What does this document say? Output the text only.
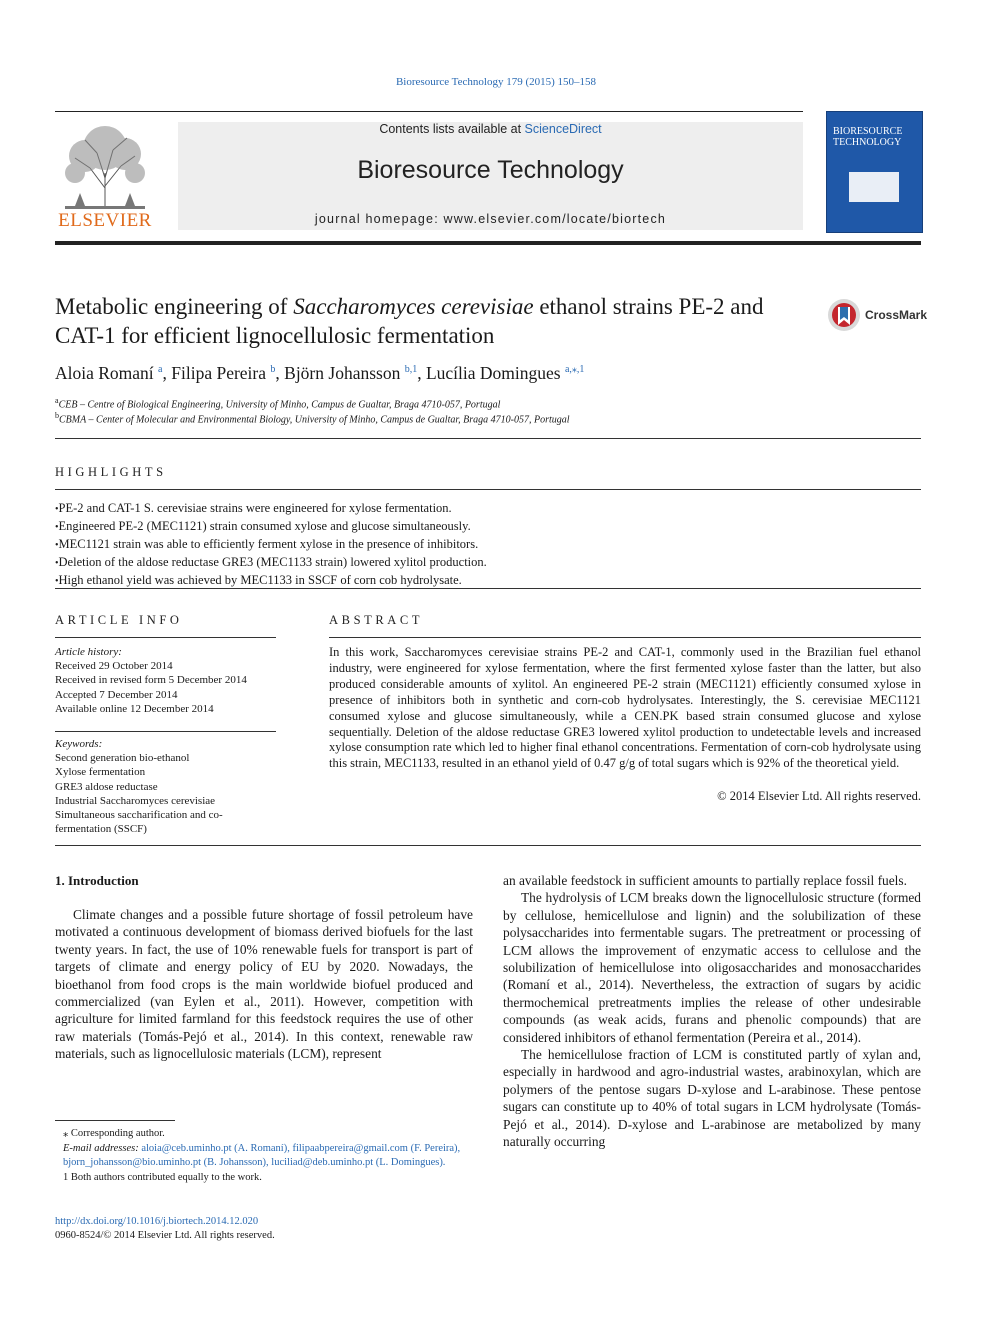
Bioresource Technology 179 (2015) 150–158
ELSEVIER
Contents lists available at ScienceDirect
Bioresource Technology
journal homepage: www.elsevier.com/locate/biortech
BIORESOURCE TECHNOLOGY
Metabolic engineering of Saccharomyces cerevisiae ethanol strains PE-2 and CAT-1 for efficient lignocellulosic fermentation
CrossMark
Aloia Romaní $^a$, Filipa Pereira $^b$, Björn Johansson $^{b,1}$, Lucília Domingues $^{a,⁎,1}$
$^a$CEB – Centre of Biological Engineering, University of Minho, Campus de Gualtar, Braga 4710-057, Portugal
$^b$CBMA – Center of Molecular and Environmental Biology, University of Minho, Campus de Gualtar, Braga 4710-057, Portugal
HIGHLIGHTS
• PE-2 and CAT-1 S. cerevisiae strains were engineered for xylose fermentation.
• Engineered PE-2 (MEC1121) strain consumed xylose and glucose simultaneously.
• MEC1121 strain was able to efficiently ferment xylose in the presence of inhibitors.
• Deletion of the aldose reductase GRE3 (MEC1133 strain) lowered xylitol production.
• High ethanol yield was achieved by MEC1133 in SSCF of corn cob hydrolysate.
ARTICLE INFO	ABSTRACT
Article history:
Received 29 October 2014
Received in revised form 5 December 2014
Accepted 7 December 2014
Available online 12 December 2014
Keywords:
Second generation bio-ethanol
Xylose fermentation
GRE3 aldose reductase
Industrial Saccharomyces cerevisiae
Simultaneous saccharification and co-fermentation (SSCF)
In this work, Saccharomyces cerevisiae strains PE-2 and CAT-1, commonly used in the Brazilian fuel ethanol industry, were engineered for xylose fermentation, where the first fermented xylose faster than the latter, but also produced considerable amounts of xylitol. An engineered PE-2 strain (MEC1121) efficiently consumed xylose in presence of inhibitors both in synthetic and corn-cob hydrolysates. Interestingly, the S. cerevisiae MEC1121 consumed xylose and glucose simultaneously, while a CEN.PK based strain consumed glucose and xylose sequentially. Deletion of the aldose reductase GRE3 lowered xylitol production to undetectable levels and increased xylose consumption rate which led to higher final ethanol concentrations. Fermentation of corn-cob hydrolysate using this strain, MEC1133, resulted in an ethanol yield of 0.47 g/g of total sugars which is 92% of the theoretical yield.
© 2014 Elsevier Ltd. All rights reserved.
1. Introduction

Climate changes and a possible future shortage of fossil petroleum have motivated a continuous development of biomass derived biofuels for the last twenty years. In fact, the use of 10% renewable fuels for transport is part of targets of climate and energy policy of EU by 2020. Nowadays, the bioethanol from food crops is the main worldwide biofuel produced and commercialized (van Eylen et al., 2011). However, competition with agriculture for limited farmland for this feedstock requires the use of other raw materials (Tomás-Pejó et al., 2014). In this context, renewable raw materials, such as lignocellulosic materials (LCM), represent

an available feedstock in sufficient amounts to partially replace fossil fuels.

The hydrolysis of LCM breaks down the lignocellulosic structure (formed by cellulose, hemicellulose and lignin) and the solubilization of these polysaccharides into fermentable sugars. The pretreatment or processing of LCM allows the improvement of enzymatic access to cellulose and the solubilization of hemicellulose into oligosaccharides and monosaccharides (Romaní et al., 2014). Nevertheless, the extraction of sugars by acidic thermochemical pretreatments implies the release of other undesirable compounds (as weak acids, furans and phenolic compounds) that are considered inhibitors of ethanol fermentation (Pereira et al., 2014).

The hemicellulose fraction of LCM is constituted partly of xylan and, especially in hardwood and agro-industrial wastes, arabinoxylan, which are polymers of the pentose sugars D-xylose and L-arabinose. These pentose sugars can constitute up to 40% of total sugars in LCM hydrolysate (Tomás-Pejó et al., 2014). D-xylose and L-arabinose are metabolized by many naturally occurring

⁎ Corresponding author.
E-mail addresses: aloia@ceb.uminho.pt (A. Romaní), filipaabpereira@gmail.com (F. Pereira), bjorn_johansson@bio.uminho.pt (B. Johansson), luciliad@deb.uminho.pt (L. Domingues).
1 Both authors contributed equally to the work.
http://dx.doi.org/10.1016/j.biortech.2014.12.020
0960-8524/© 2014 Elsevier Ltd. All rights reserved.
